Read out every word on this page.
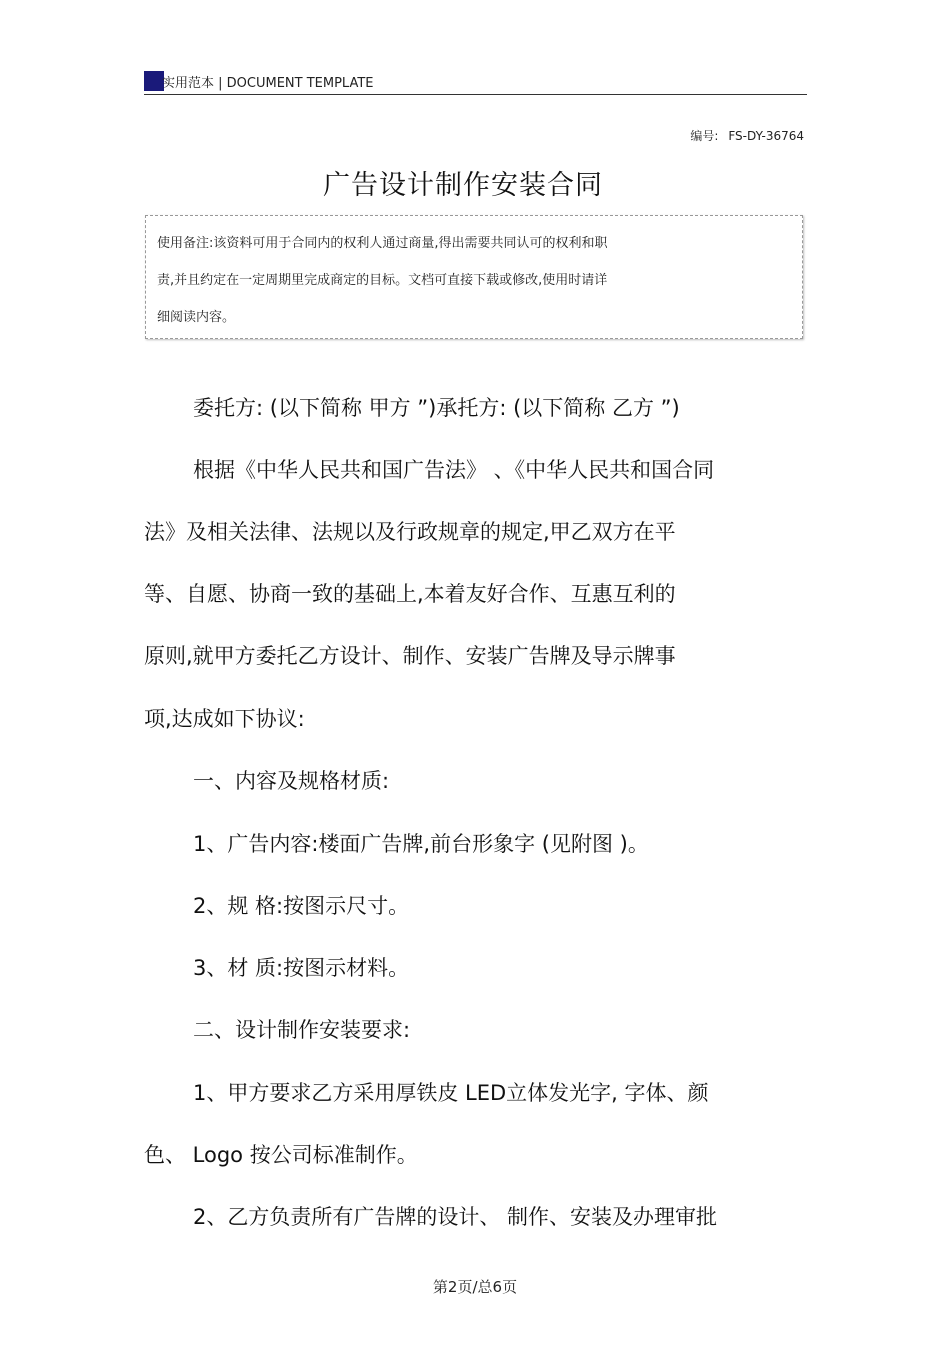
实用范本 | DOCUMENT TEMPLATE
编号: FS-DY-36764
广告设计制作安装合同
使用备注:该资料可用于合同内的权利人通过商量,得出需要共同认可的权利和职
责,并且约定在一定周期里完成商定的目标。文档可直接下载或修改,使用时请详
细阅读内容。
委托方: (以下简称 甲方 ”)承托方: (以下简称 乙方 ”)
根据《中华人民共和国广告法》 、《中华人民共和国合同
法》及相关法律、法规以及行政规章的规定,甲乙双方在平
等、自愿、协商一致的基础上,本着友好合作、互惠互利的
原则,就甲方委托乙方设计、制作、安装广告牌及导示牌事
项,达成如下协议:
一、内容及规格材质:
1、广告内容:楼面广告牌,前台形象字 (见附图 )。
2、规 格:按图示尺寸。
3、材 质:按图示材料。
二、设计制作安装要求:
1、甲方要求乙方采用厚铁皮 LED立体发光字, 字体、颜
色、 Logo 按公司标准制作。
2、乙方负责所有广告牌的设计、 制作、安装及办理审批
第2页/总6页
